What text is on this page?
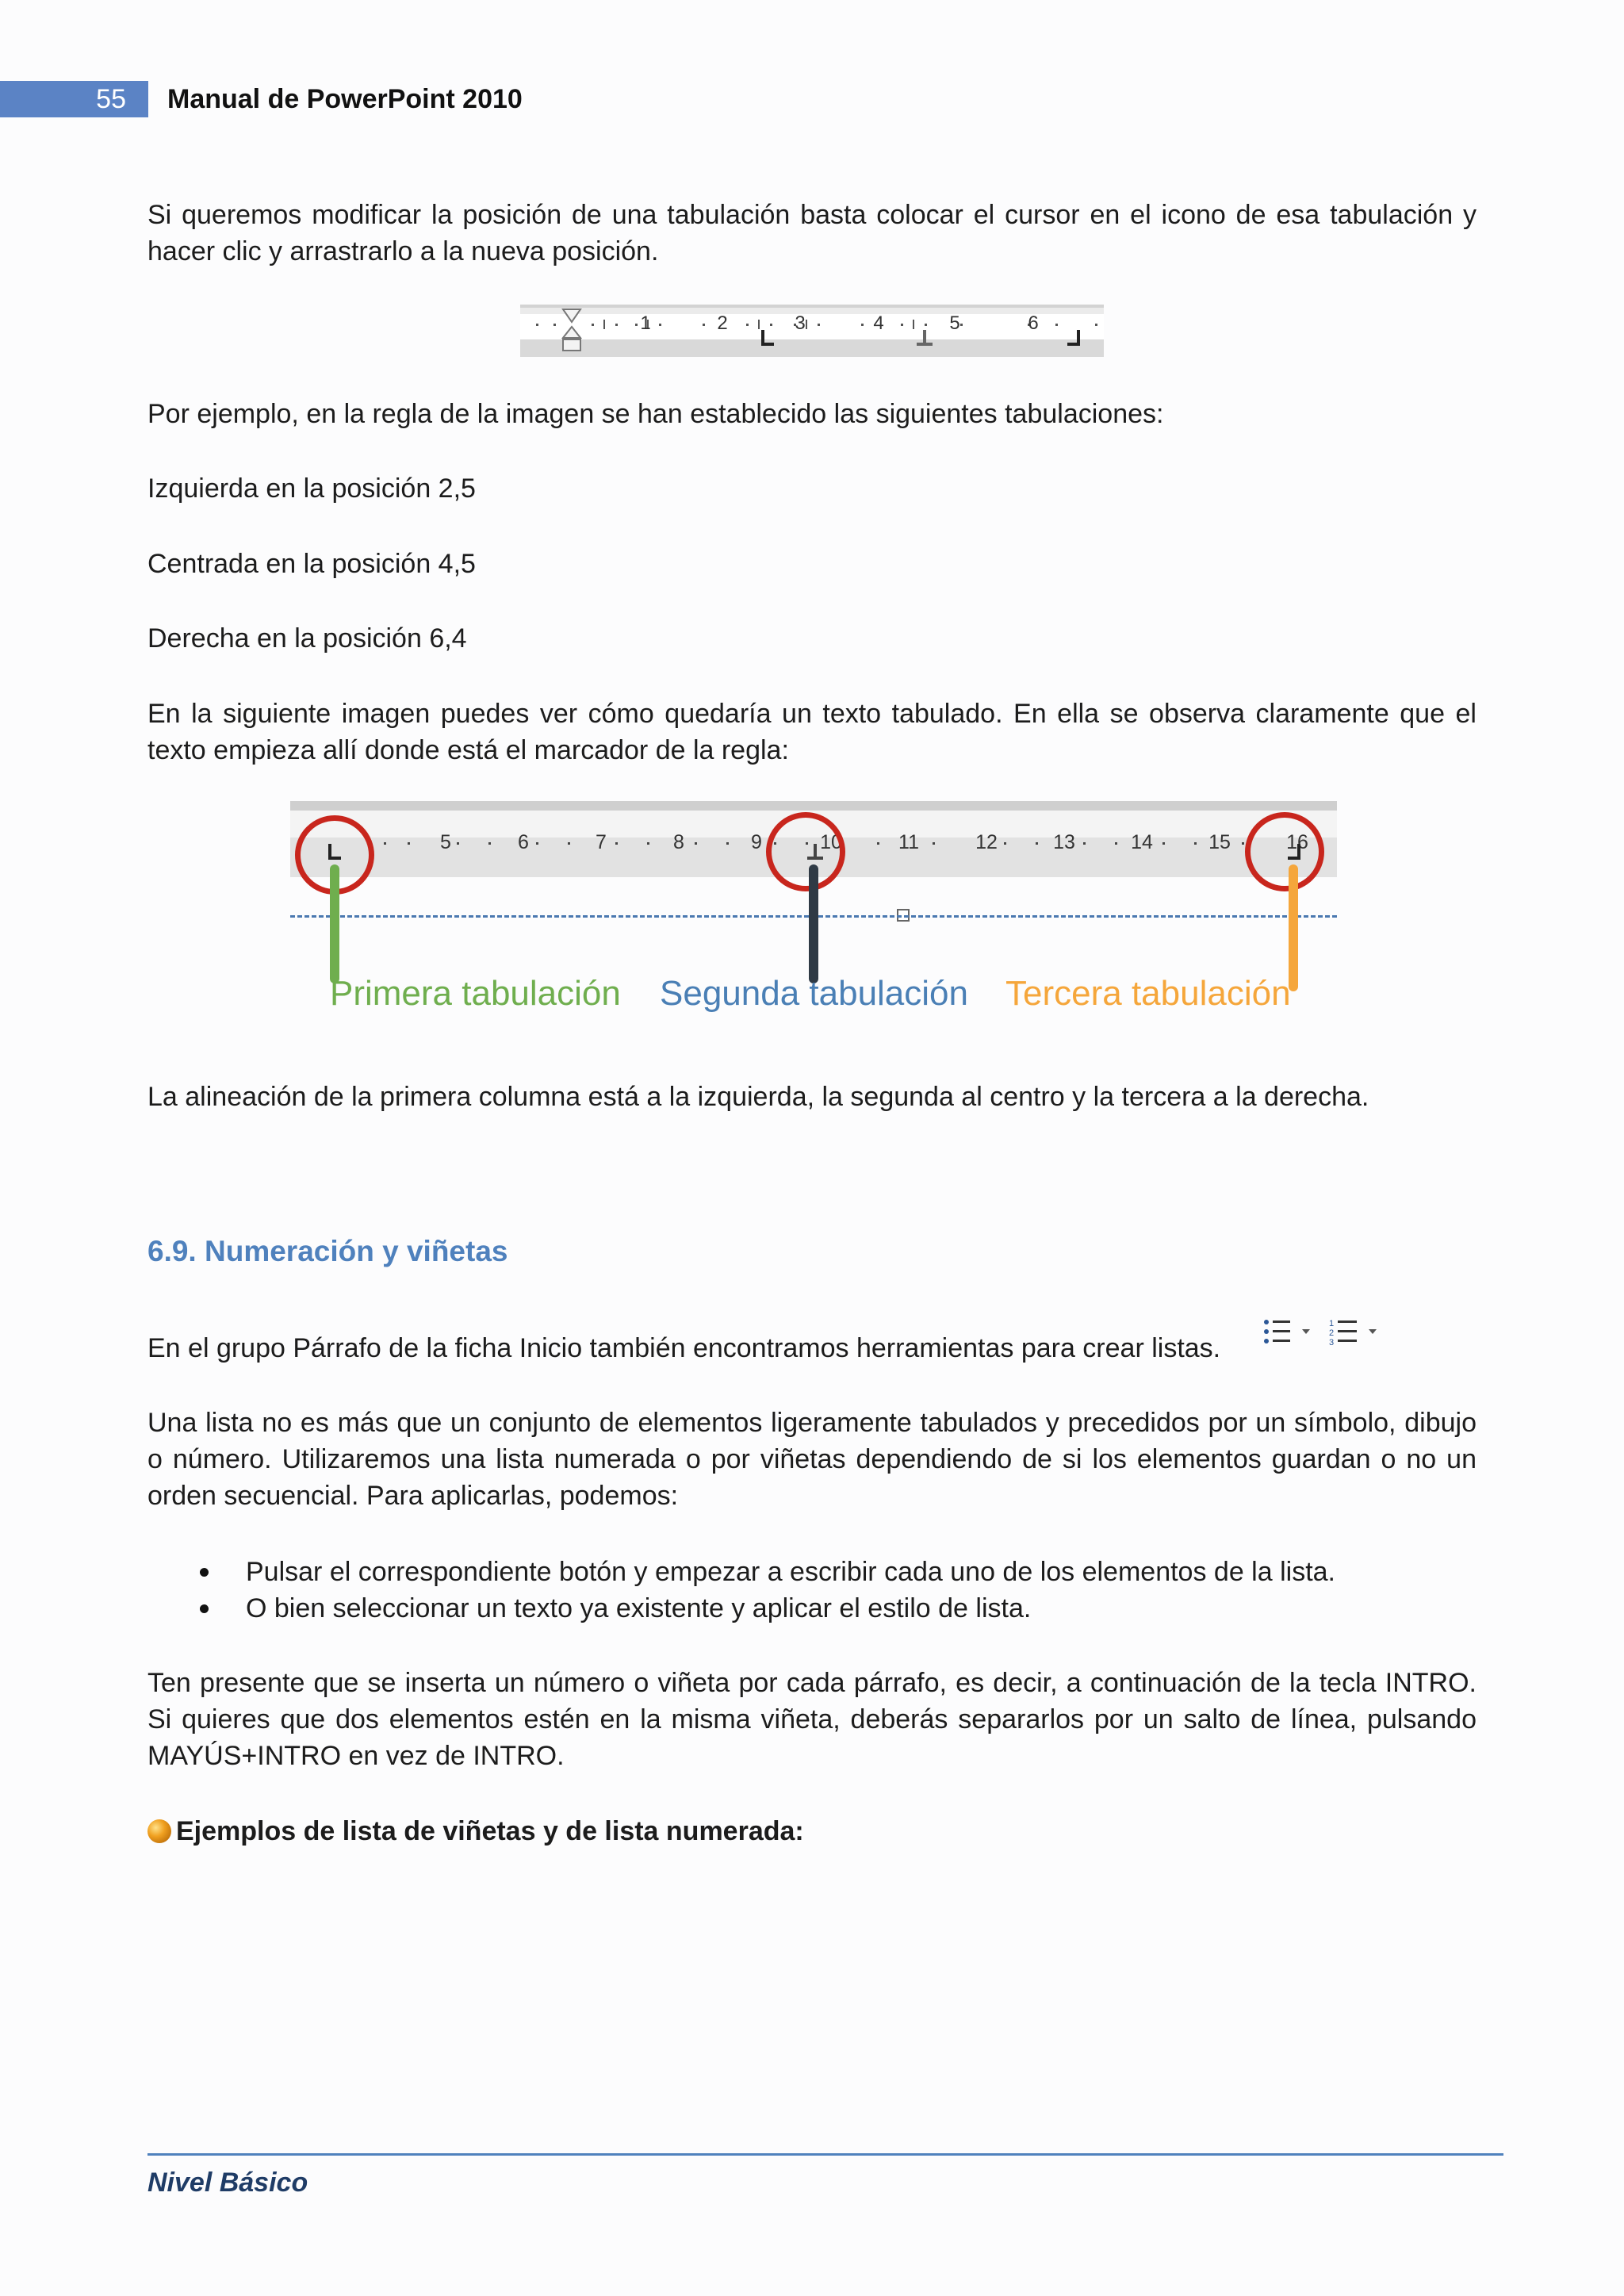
55	Manual de PowerPoint 2010

Si queremos modificar la posición de una tabulación basta colocar el cursor en el icono de esa tabulación y hacer clic y arrastrarlo a la nueva posición.

1	2	3	4	5	6

Por ejemplo, en la regla de la imagen se han establecido las siguientes tabulaciones:

Izquierda en la posición 2,5

Centrada en la posición 4,5

Derecha en la posición 6,4

En la siguiente imagen puedes ver cómo quedaría un texto tabulado. En ella se observa claramente que el texto empieza allí donde está el marcador de la regla:

5	6	7	8	9	10	11	12	13	14	15	16
Primera tabulación Segunda tabulación Tercera tabulación

La alineación de la primera columna está a la izquierda, la segunda al centro y la tercera a la derecha.

6.9. Numeración y viñetas

En el grupo Párrafo de la ficha Inicio también encontramos herramientas para crear listas.

1
2
3

Una lista no es más que un conjunto de elementos ligeramente tabulados y precedidos por un símbolo, dibujo o número. Utilizaremos una lista numerada o por viñetas dependiendo de si los elementos guardan o no un orden secuencial. Para aplicarlas, podemos:

Pulsar el correspondiente botón y empezar a escribir cada uno de los elementos de la lista.
O bien seleccionar un texto ya existente y aplicar el estilo de lista.

Ten presente que se inserta un número o viñeta por cada párrafo, es decir, a continuación de la tecla INTRO. Si quieres que dos elementos estén en la misma viñeta, deberás separarlos por un salto de línea, pulsando MAYÚS+INTRO en vez de INTRO.

Ejemplos de lista de viñetas y de lista numerada:
Nivel Básico
